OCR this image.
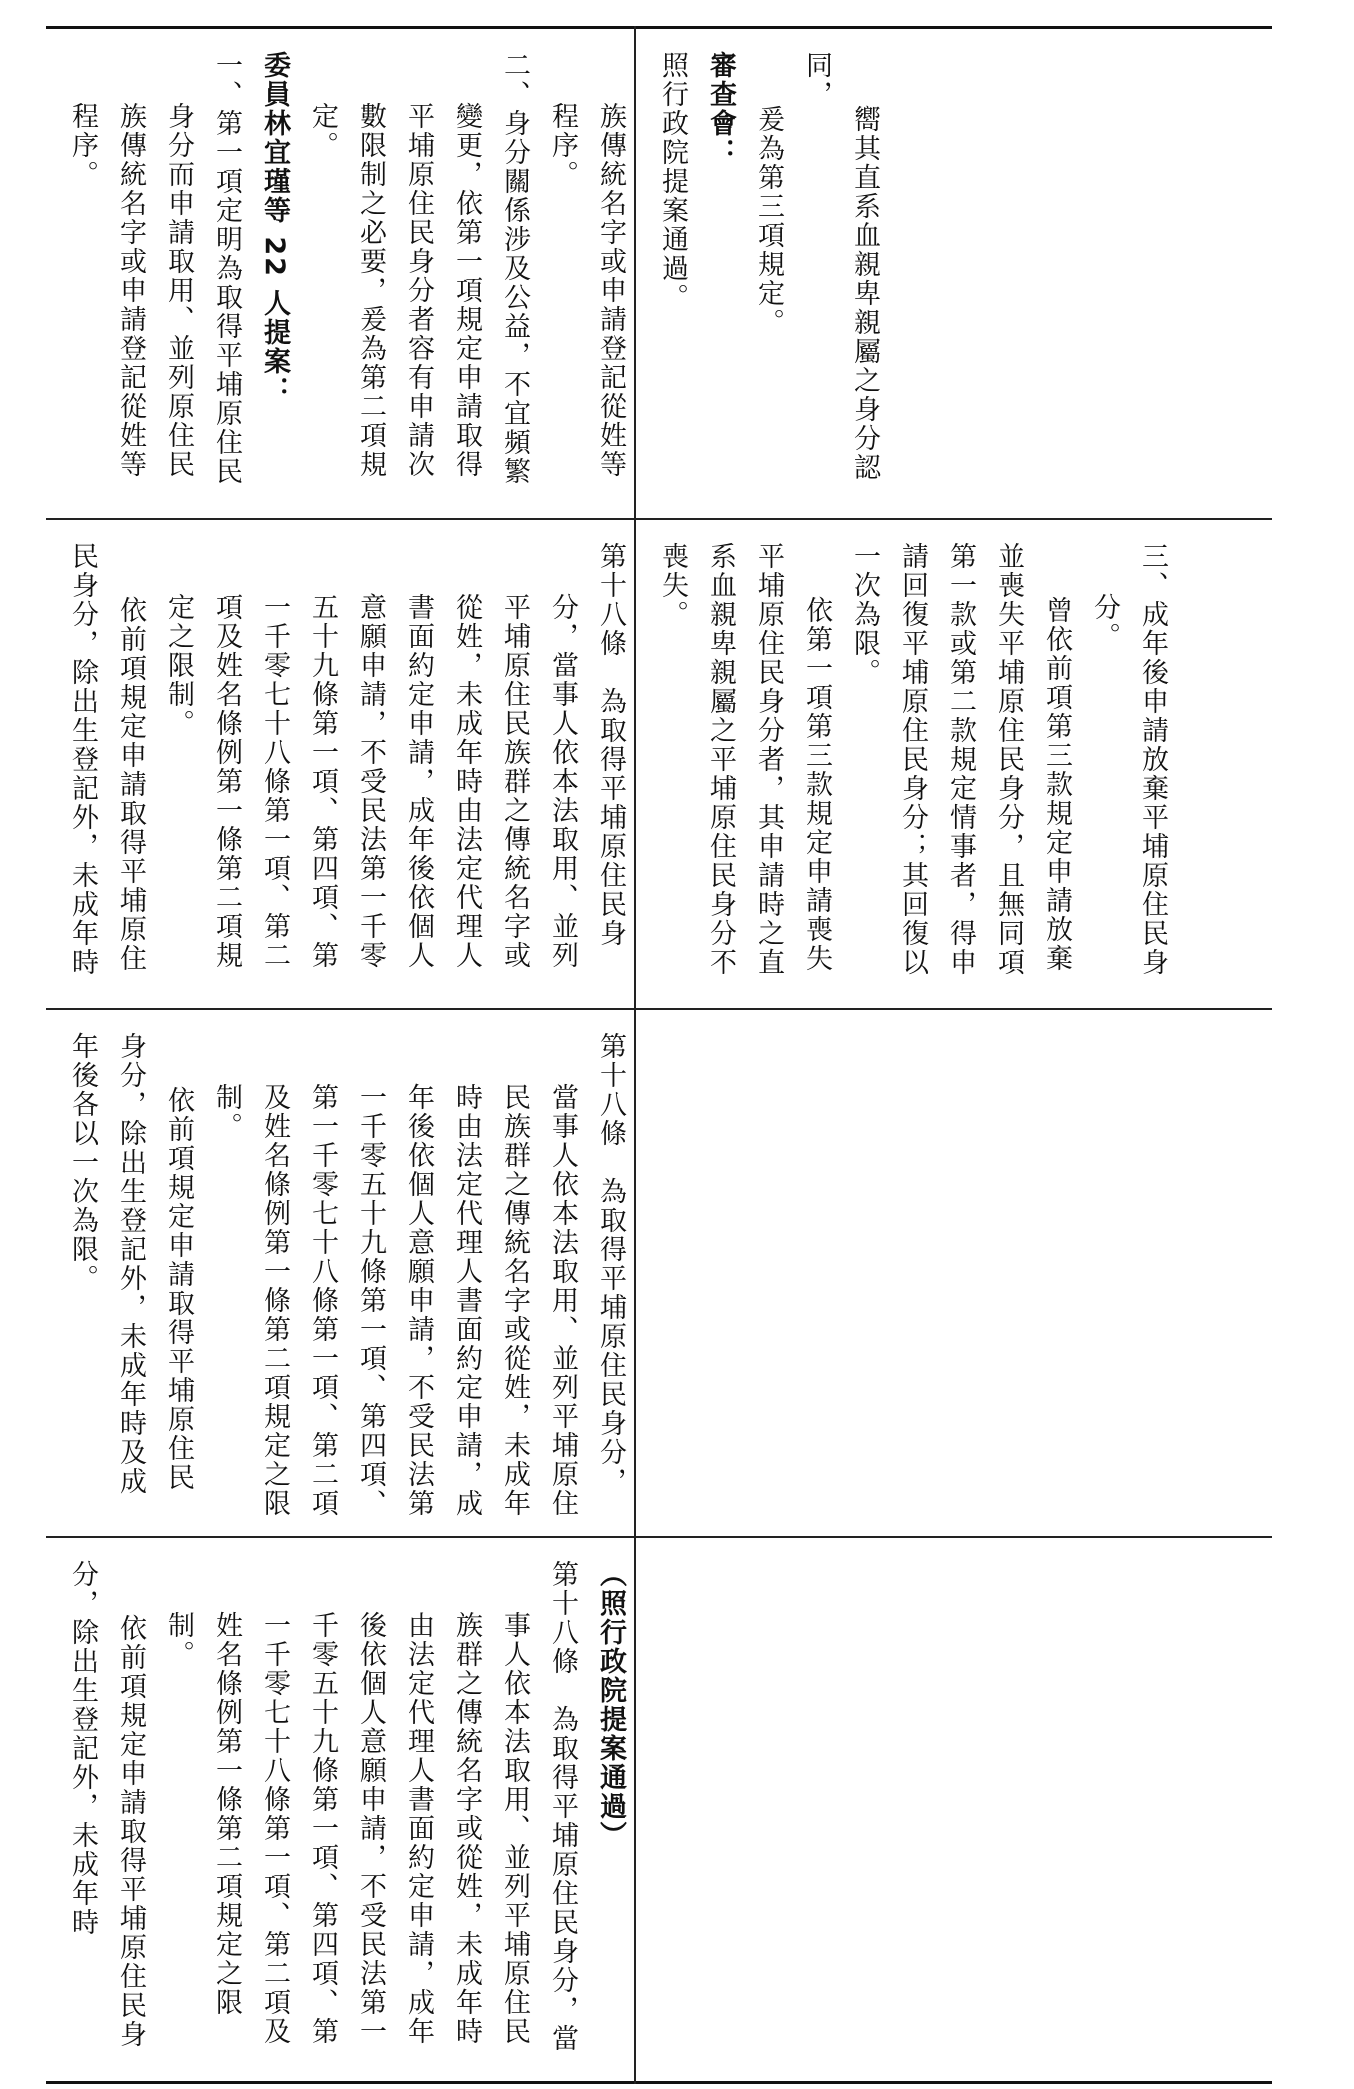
嚮其直系血親卑親屬之身分認同，

爰為第三項規定。

審查會：

照行政院提案通過。

三、成年後申請放棄平埔原住民身分。

曾依前項第三款規定申請放棄並喪失平埔原住民身分，且無同項第一款或第二款規定情事者，得申請回復平埔原住民身分；其回復以一次為限。

依第一項第三款規定申請喪失平埔原住民身分者，其申請時之直系血親卑親屬之平埔原住民身分不喪失。

族傳統名字或申請登記從姓等程序。

二、身分關係涉及公益，不宜頻繁變更，依第一項規定申請取得平埔原住民身分者容有申請次數限制之必要，爰為第二項規定。

委員林宜瑾等 22 人提案：

一、第一項定明為取得平埔原住民身分而申請取用、並列原住民族傳統名字或申請登記從姓等程序。

第十八條　為取得平埔原住民身分，當事人依本法取用、並列平埔原住民族群之傳統名字或從姓，未成年時由法定代理人書面約定申請，成年後依個人意願申請，不受民法第一千零五十九條第一項、第四項、第一千零七十八條第一項、第二項及姓名條例第一條第二項規定之限制。

依前項規定申請取得平埔原住民身分，除出生登記外，未成年時

第十八條　為取得平埔原住民身分，當事人依本法取用、並列平埔原住民族群之傳統名字或從姓，未成年時由法定代理人書面約定申請，成年後依個人意願申請，不受民法第一千零五十九條第一項、第四項、第一千零七十八條第一項、第二項及姓名條例第一條第二項規定之限制。

依前項規定申請取得平埔原住民身分，除出生登記外，未成年時及成年後各以一次為限。

（照行政院提案通過）

第十八條　為取得平埔原住民身分，當事人依本法取用、並列平埔原住民族群之傳統名字或從姓，未成年時由法定代理人書面約定申請，成年後依個人意願申請，不受民法第一千零五十九條第一項、第四項、第一千零七十八條第一項、第二項及姓名條例第一條第二項規定之限制。

依前項規定申請取得平埔原住民身分，除出生登記外，未成年時
